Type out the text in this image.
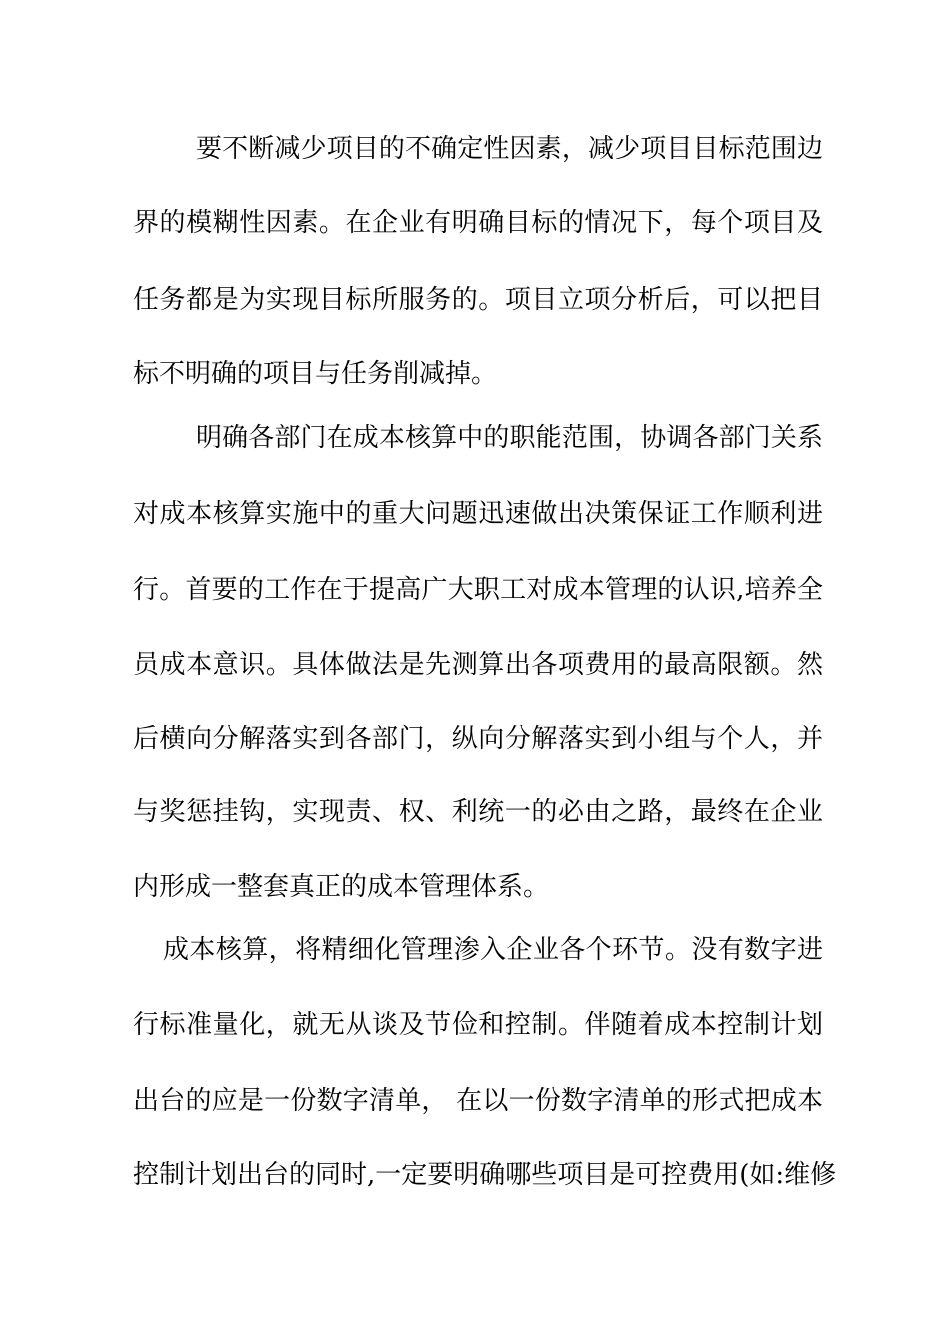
要不断减少项目的不确定性因素，减少项目目标范围边
界的模糊性因素。在企业有明确目标的情况下，每个项目及
任务都是为实现目标所服务的。项目立项分析后，可以把目
标不明确的项目与任务削减掉。
明确各部门在成本核算中的职能范围，协调各部门关系
对成本核算实施中的重大问题迅速做出决策保证工作顺利进
行。首要的工作在于提高广大职工对成本管理的认识,培养全
员成本意识。具体做法是先测算出各项费用的最高限额。然
后横向分解落实到各部门，纵向分解落实到小组与个人，并
与奖惩挂钩，实现责、权、利统一的必由之路，最终在企业
内形成一整套真正的成本管理体系。
成本核算，将精细化管理渗入企业各个环节。没有数字进
行标准量化，就无从谈及节俭和控制。伴随着成本控制计划
出台的应是一份数字清单， 在以一份数字清单的形式把成本
控制计划出台的同时,一定要明确哪些项目是可控费用(如:维修
